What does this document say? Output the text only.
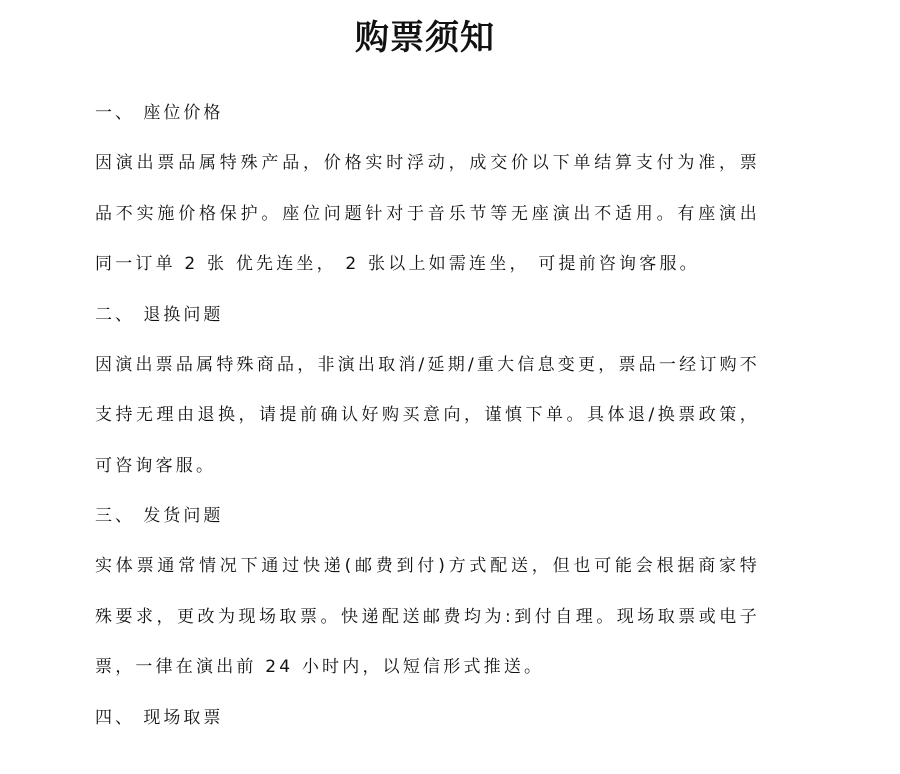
购票须知
一、 座位价格

因演出票品属特殊产品，价格实时浮动，成交价以下单结算支付为准，票品不实施价格保护。座位问题针对于音乐节等无座演出不适用。有座演出同一订单 2 张 优先连坐， 2 张以上如需连坐， 可提前咨询客服。

二、 退换问题

因演出票品属特殊商品，非演出取消/延期/重大信息变更，票品一经订购不支持无理由退换，请提前确认好购买意向，谨慎下单。具体退/换票政策，可咨询客服。

三、 发货问题

实体票通常情况下通过快递(邮费到付)方式配送，但也可能会根据商家特殊要求，更改为现场取票。快递配送邮费均为:到付自理。现场取票或电子票，一律在演出前 24 小时内，以短信形式推送。

四、 现场取票
